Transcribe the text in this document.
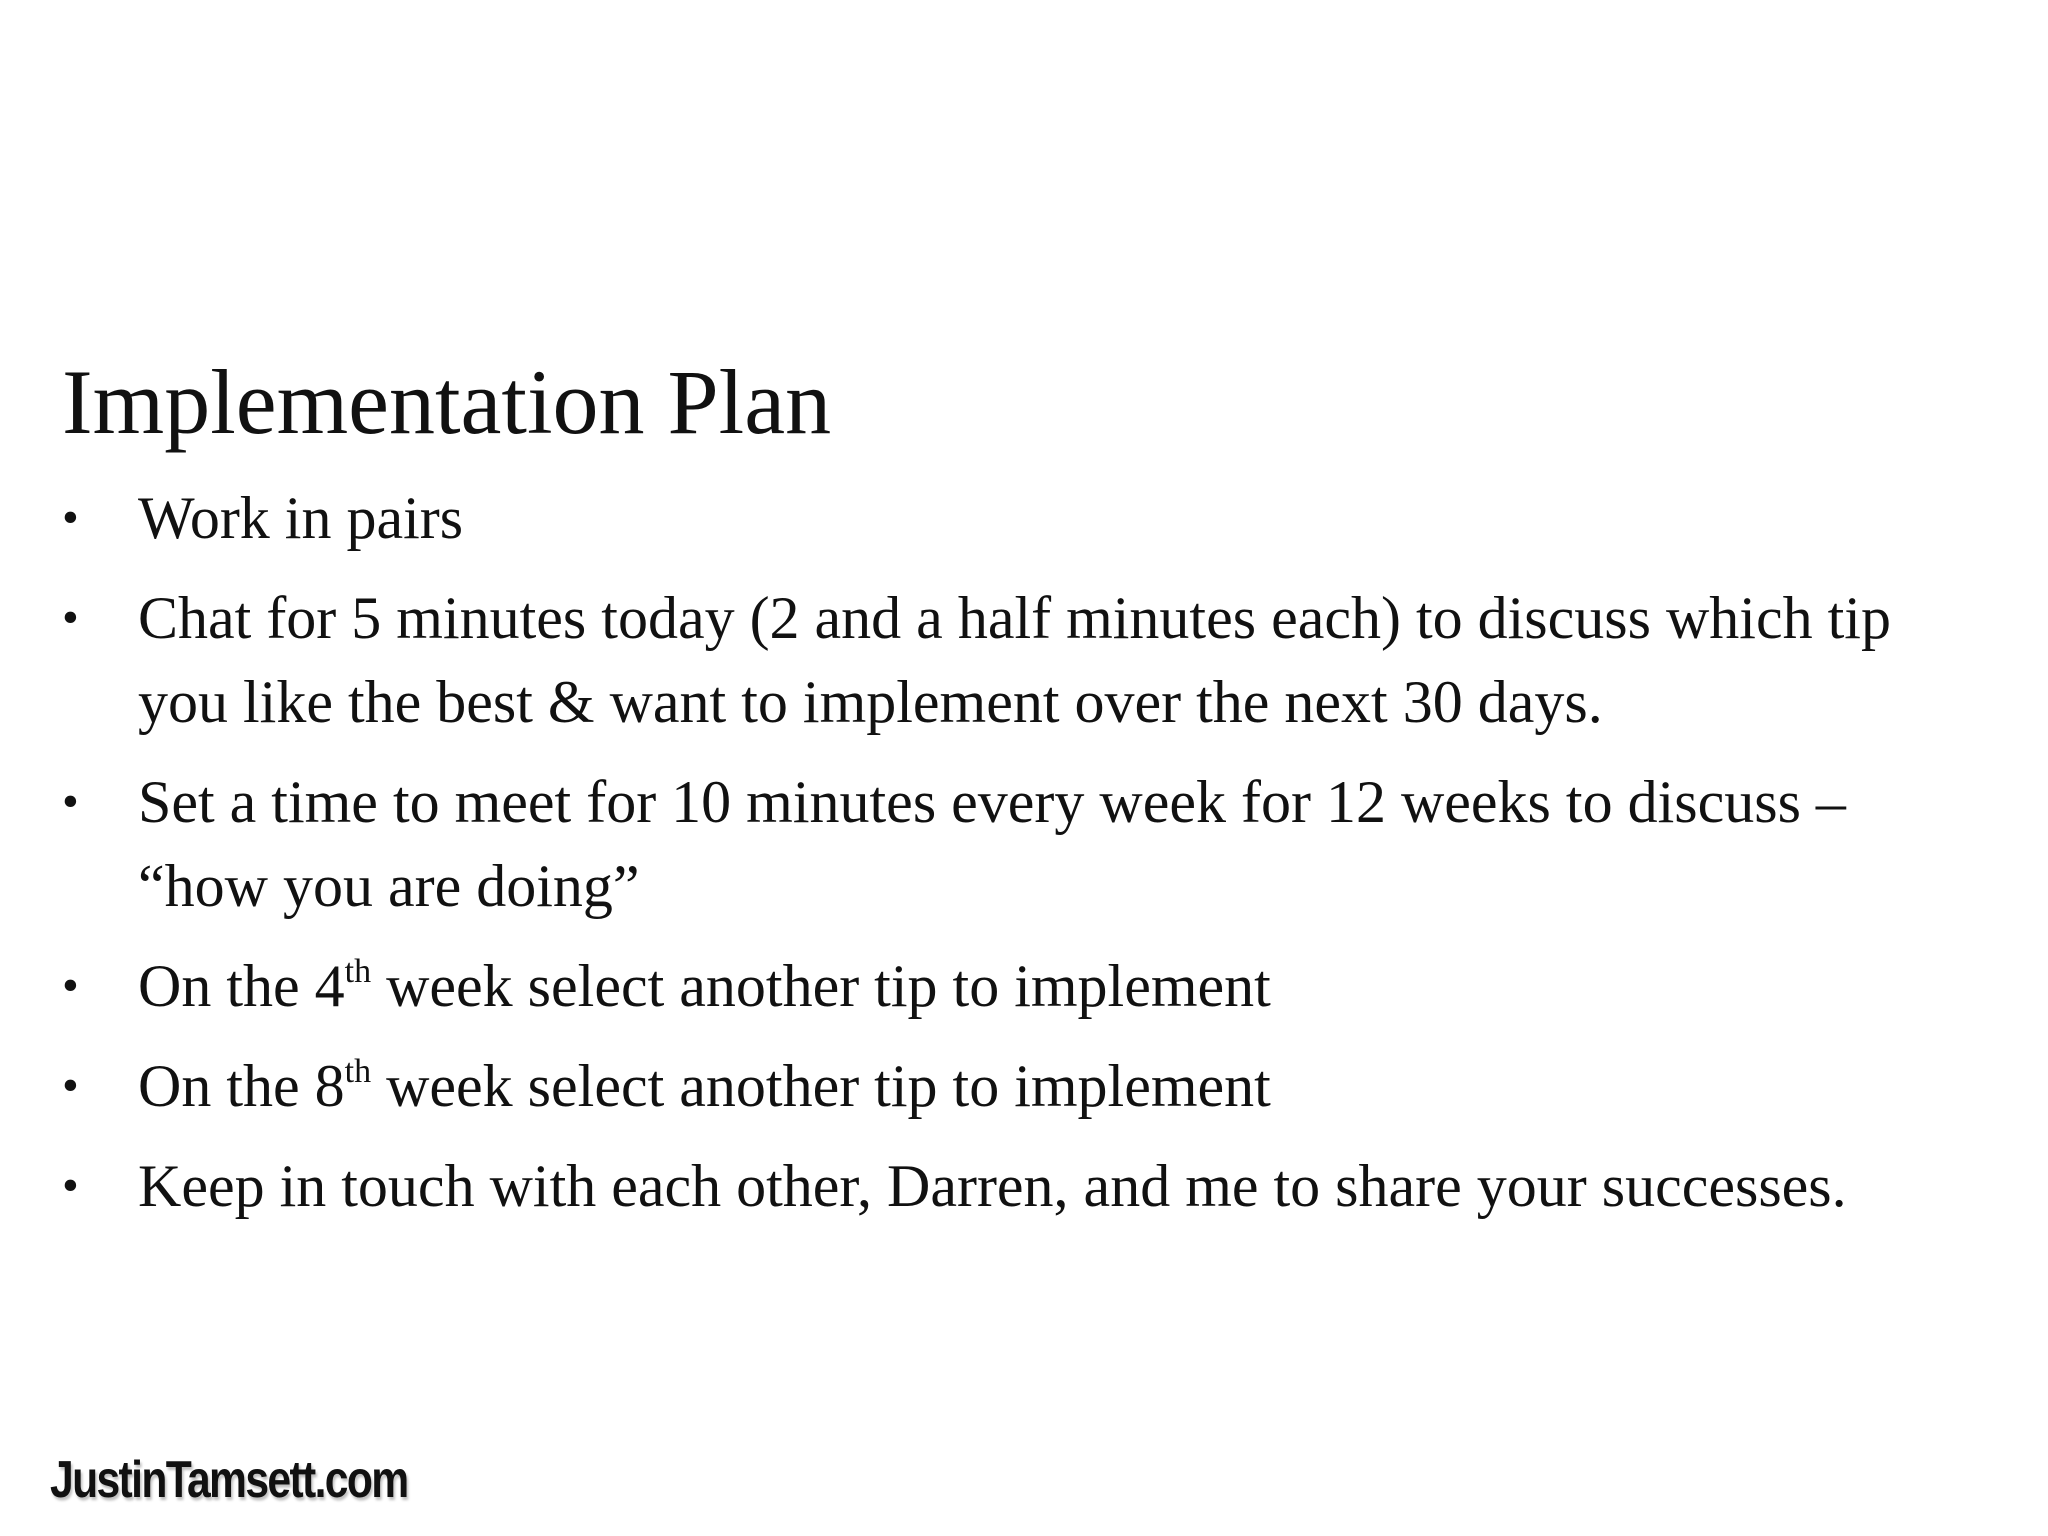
Implementation Plan
• Work in pairs
• Chat for 5 minutes today (2 and a half minutes each) to discuss which tip you like the best & want to implement over the next 30 days.
• Set a time to meet for 10 minutes every week for 12 weeks to discuss – “how you are doing”
• On the 4th week select another tip to implement
• On the 8th week select another tip to implement
• Keep in touch with each other, Darren, and me to share your successes.
JustinTamsett.com
